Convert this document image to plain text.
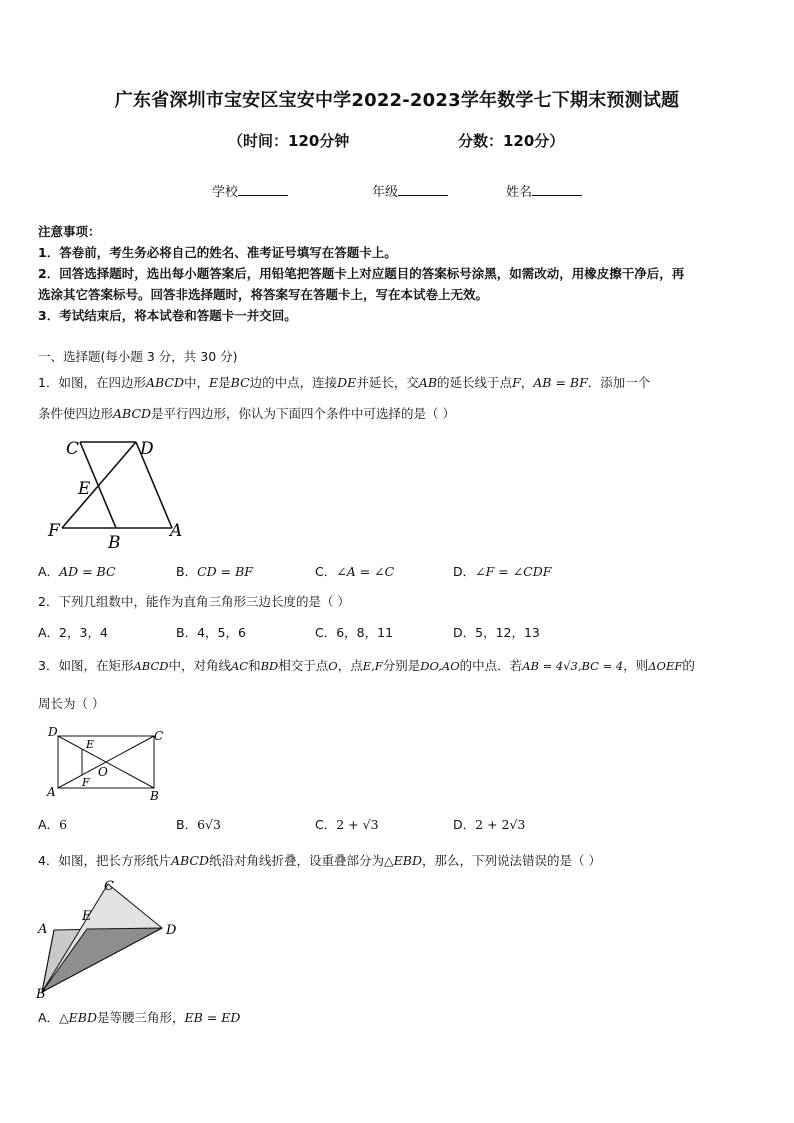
广东省深圳市宝安区宝安中学2022-2023学年数学七下期末预测试题
（时间：120分钟	分数：120分）
学校	年级	姓名
注意事项：
1．答卷前，考生务必将自己的姓名、准考证号填写在答题卡上。
2．回答选择题时，选出每小题答案后，用铅笔把答题卡上对应题目的答案标号涂黑，如需改动，用橡皮擦干净后，再
选涂其它答案标号。回答非选择题时，将答案写在答题卡上，写在本试卷上无效。
3．考试结束后，将本试卷和答题卡一并交回。
一、选择题(每小题 3 分，共 30 分)
1．如图，在四边形ABCD中，E是BC边的中点，连接DE并延长，交AB的延长线于点F，AB = BF．添加一个
条件使四边形ABCD是平行四边形，你认为下面四个条件中可选择的是（ ）
C	D
E
F
B
A
A．AD = BC	B．CD = BF	C．∠A = ∠C	D．∠F = ∠CDF
2．下列几组数中，能作为直角三角形三边长度的是（ ）
A．2，3，4	B．4，5，6	C．6，8，11	D．5，12，13
3．如图，在矩形ABCD中，对角线AC和BD相交于点O，点E,F分别是DO,AO的中点．若AB = 4√3,BC = 4，则ΔOEF的
周长为（ ）
D	C
E
O
F
A	B
A．6	B．6√3	C．2 + √3	D．2 + 2√3
4．如图，把长方形纸片ABCD纸沿对角线折叠，设重叠部分为△EBD，那么，下列说法错误的是（ ）
C
E
A	D
B
A．△EBD是等腰三角形，EB = ED
